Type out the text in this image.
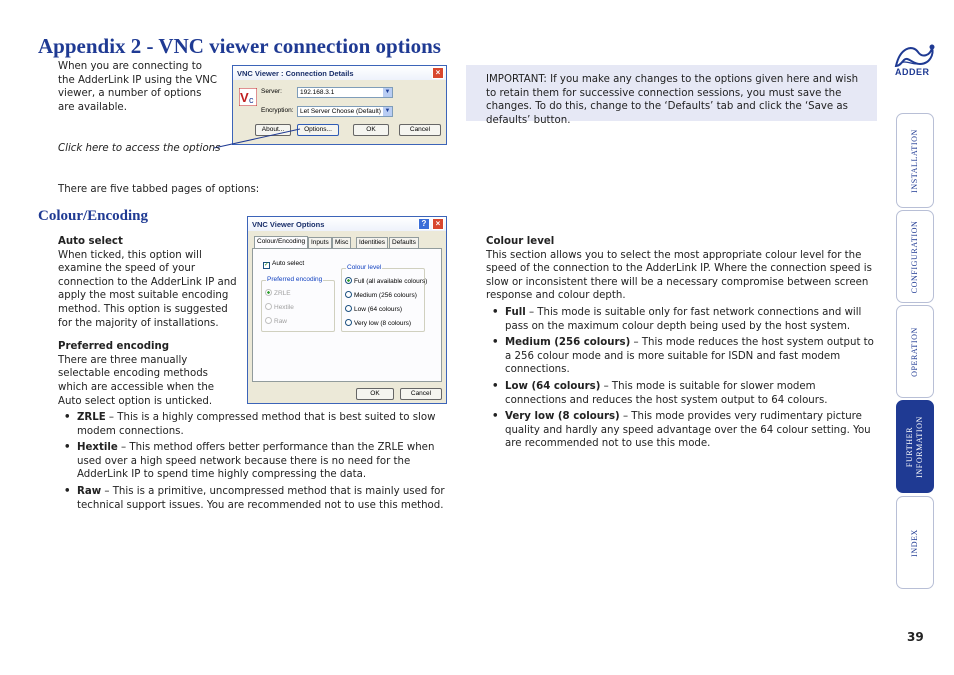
Appendix 2 - VNC viewer connection options
ADDER
When you are connecting to the AdderLink IP using the VNC viewer, a number of options are available.
VNC Viewer : Connection Details	×
V c
Server:	192.168.3.1	▼
Encryption: Let Server Choose (Default) ▼
About...	Options...	OK	Cancel
Click here to access the options
IMPORTANT: If you make any changes to the options given here and wish to retain them for successive connection sessions, you must save the changes. To do this, change to the ‘Defaults’ tab and click the ‘Save as defaults’ button.
There are five tabbed pages of options:
Colour/Encoding
VNC Viewer Options	?	×
Colour/Encoding Inputs Misc	Identities	Defaults
✓ Auto select
Preferred encoding
ZRLE
Hextile
Raw
Colour level
Full (all available colours)
Medium (256 colours)
Low (64 colours)
Very low (8 colours)
OK	Cancel
Auto select
When ticked, this option will examine the speed of your connection to the AdderLink IP and apply the most suitable encoding method. This option is suggested for the majority of installations.
Preferred encoding
There are three manually selectable encoding methods which are accessible when the Auto select option is unticked.
• ZRLE – This is a highly compressed method that is best suited to slow modem connections.
• Hextile – This method offers better performance than the ZRLE when used over a high speed network because there is no need for the AdderLink IP to spend time highly compressing the data.
• Raw – This is a primitive, uncompressed method that is mainly used for technical support issues. You are recommended not to use this method.
Colour level
This section allows you to select the most appropriate colour level for the speed of the connection to the AdderLink IP. Where the connection speed is slow or inconsistent there will be a necessary compromise between screen response and colour depth.
• Full – This mode is suitable only for fast network connections and will pass on the maximum colour depth being used by the host system.
• Medium (256 colours) – This mode reduces the host system output to a 256 colour mode and is more suitable for ISDN and fast modem connections.
• Low (64 colours) – This mode is suitable for slower modem connections and reduces the host system output to 64 colours.
• Very low (8 colours) – This mode provides very rudimentary picture quality and hardly any speed advantage over the 64 colour setting. You are recommended not to use this mode.
INSTALLATION
CONFIGURATION
OPERATION
FURTHER INFORMATION
INDEX
39
